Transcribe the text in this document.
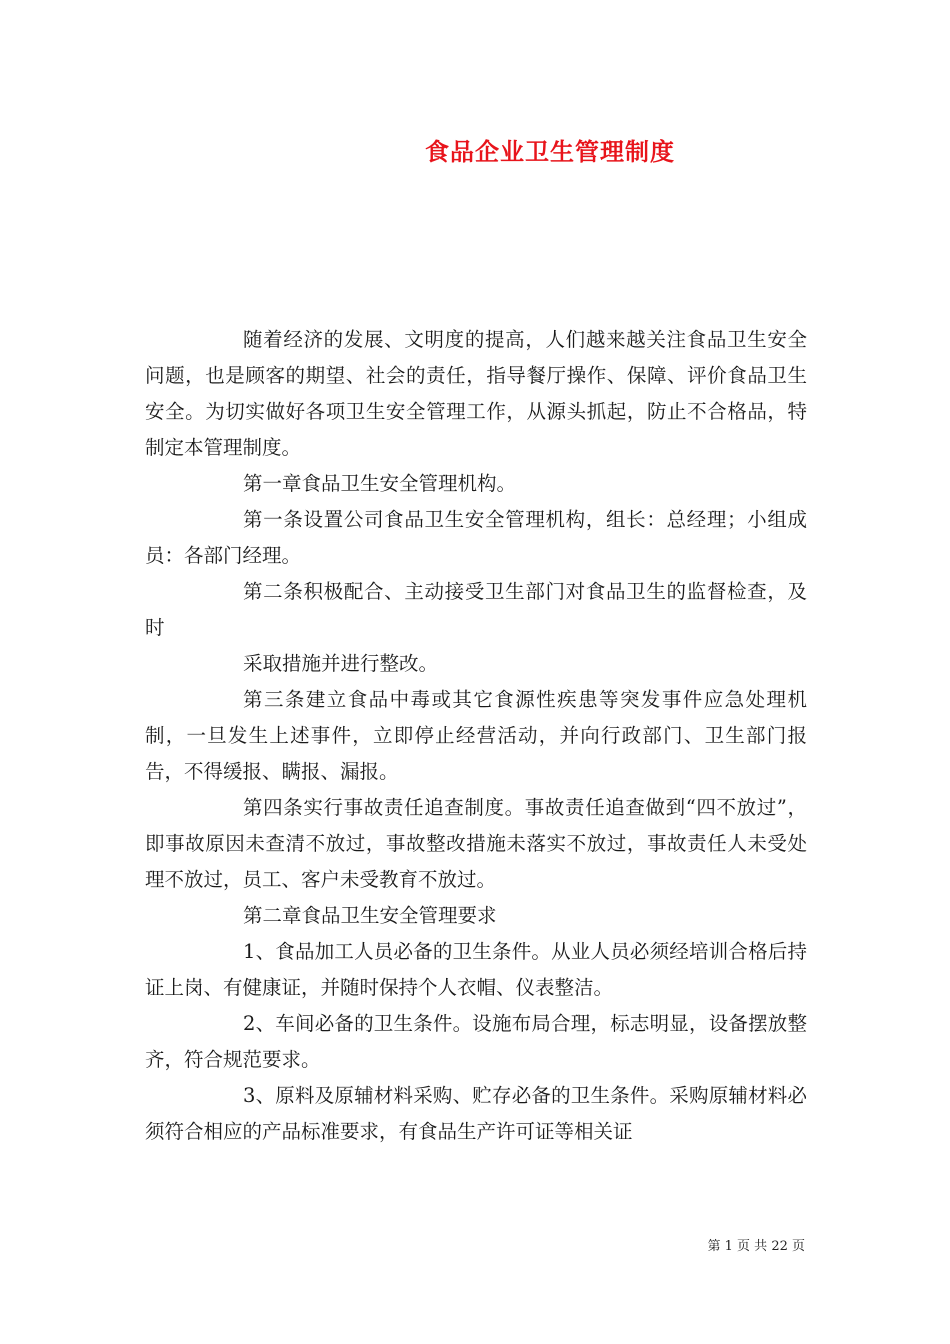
食品企业卫生管理制度

随着经济的发展、文明度的提高，人们越来越关注食品卫生安全问题，也是顾客的期望、社会的责任，指导餐厅操作、保障、评价食品卫生安全。为切实做好各项卫生安全管理工作，从源头抓起，防止不合格品，特制定本管理制度。

第一章食品卫生安全管理机构。

第一条设置公司食品卫生安全管理机构，组长：总经理；小组成员：各部门经理。

第二条积极配合、主动接受卫生部门对食品卫生的监督检查，及时

采取措施并进行整改。

第三条建立食品中毒或其它食源性疾患等突发事件应急处理机制，一旦发生上述事件，立即停止经营活动，并向行政部门、卫生部门报告，不得缓报、瞒报、漏报。

第四条实行事故责任追查制度。事故责任追查做到“四不放过”，即事故原因未查清不放过，事故整改措施未落实不放过，事故责任人未受处理不放过，员工、客户未受教育不放过。

第二章食品卫生安全管理要求

1、食品加工人员必备的卫生条件。从业人员必须经培训合格后持证上岗、有健康证，并随时保持个人衣帽、仪表整洁。

2、车间必备的卫生条件。设施布局合理，标志明显，设备摆放整齐，符合规范要求。

3、原料及原辅材料采购、贮存必备的卫生条件。采购原辅材料必须符合相应的产品标准要求，有食品生产许可证等相关证

第 1 页 共 22 页
